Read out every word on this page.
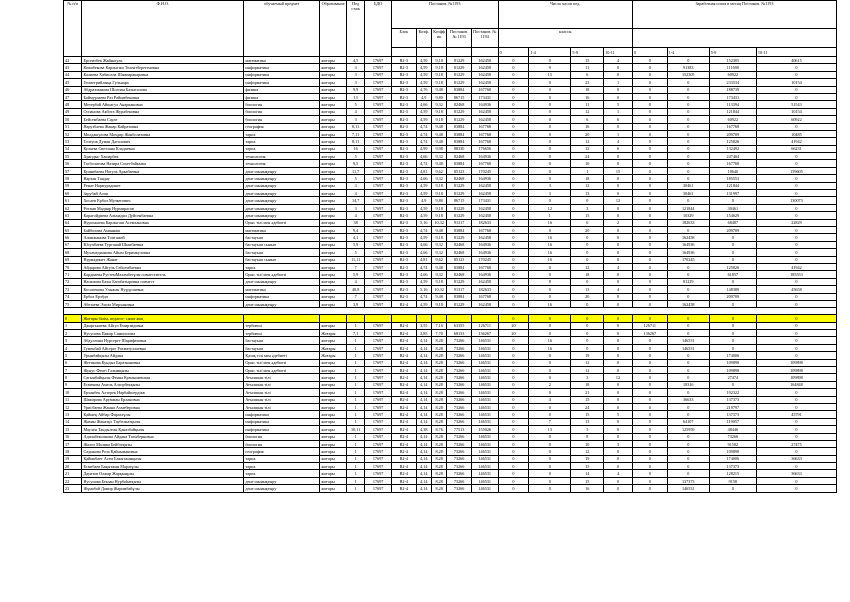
№ п/п	Ф.И.О.	обучаемый предмет	Образование	Пед стаж	БДО	Постанов. №1193					Число часов пед.				Заработная плата в месяц Постанов. №1193			
						Блок	Коэф.	Коэфф ип	Постанов. № 1193	Постанов. № 1194	классы							
											0	1-4	5-9	10-11	0	1-4	5-9	10-11
42	Ерсеитбек Жайнагуль	математика	жоғары	4,5	17697	В2-3	4,59	9,18	81229	162458	0	0	15	4	0	0	152305	40615
43	Кожабекова Карлыгаш Толентберегеновна	информатика	жоғары	3	17697	В2-3	4,59	9,18	81229	162458	0	9	11	0	0	91383	111690	0
44	Калиева Хабиолла Шамиаракаровна	информатика	жоғары	3	17697	В2-3	4,59	9,18	81229	162458	0	15	6	0	0	152305	60922	0
45	Геометрийлыңа Гульнара	информатика	жоғары	3	17697	В2-3	4,59	9,18	81229	162458	0	0	23	1	0	0	233534	10154
46	Абдрахманова Шолпан Балыталова	физика	жоғары	9,9	17697	В2-3	4,76	9,48	83884	167768	0	0	18	0	0	0	188739	0
47	Баймурзаева Раз Райимбековна	физика	жоғары	13	17697	В2-3	4,9	9,80	86715	173431	0	0	16	0	0	0	173431	0
48	Метербай Айшагул Анаркановна	биология	жоғары	5	17697	В2-3	4,66	9,32	82468	164936	0	0	11	5	0	0	113394	51543
49	Оспанова Акбота Журабековна	биология	жоғары	4	17697	В2-3	4,59	9,18	81229	162458	0	0	12	1	0	0	121844	10154
50	Бейсембаева Сауле	биология	жоғары	3	17697	В2-3	4,59	9,18	81229	162458	0	0	6	6	0	0	60922	60922
51	Нарузбаева Жанар Кайратовна	география	жоғары	8,11	17697	В2-3	4,74	9,48	83884	167768	0	0	16	0	0	0	167768	0
52	Молдашулова Мохдир Жанболатовна	тарих	жоғары	7,11	17697	В2-3	4,74	9,48	83884	167768	0	0	20	1	0	0	209709	10485
53	Толеуов Думан Даталович	тарих	жоғары	8,11	17697	В2-3	4,74	9,48	83884	167768	0	0	12	4	0	0	125826	41942
54	Кулаева Светлана Кладаевна	тарих	жоғары	16	17697	В2-3	4,99	9,98	88330	176656	0	0	12	6	0	0	132492	66231
55	Храпдыс Хашарбек	технология	жоғары	5	17697	В2-3	4,66	9,32	82468	164936	0	0	24	0	0	0	247404	0
56	Тасболатова Назира Сохетбайкызы	технология	жоғары	9,5	17697	В2-3	4,74	9,48	83884	167768	0	0	16	0	0	0	167768	0
57	Куанибаева Нагуль Аркабаевна	дене шынықтыру	жоғары	11,7	17697	В2-3	4,81	9,62	85123	170245	0	0	1	15	0	0	10640	159605
58	Нарзан Тандау	дене шынықтыру	жоғары	5	17697	В2-3	4,66	9,32	82468	164936	0	0	18	0	0	0	185553	0
59	Ремат Нармурадинет	дене шынықтыру	жоғары	3	17697	В2-3	4,59	9,18	81229	162458	0	3	12	0	0	30461	121844	0
60	Зарубай Асия	дене шынықтыру	жоғары	4	17697	В2-3	4,59	9,18	81229	162458	0	3	13	0	0	30461	131997	0
61	Хосаев Ербол Мулкегович	дене шынықтыру	жоғары	14,7	17697	В2-3	4,9	9,80	86715	173431	0	0	0	12	0	0	0	130073
62	Ротани Мадияр Нурмирасов	дене шынықтыру	жоғары	3	17697	В2-3	4,59	9,18	81229	162458	0	12	3	0	0	121844	30461	0
63	Карагойдиева Альмадил Дуйсенбаевна	дене шынықтыру	жоғары	4	17697	В2-3	4,59	9,18	81229	162458	0	1	15	0	0	10329	154629	0
64	Нургожаева Карлыгаш Асемхановна	Орыс тілі мен әдебиеті	жоғары	38	17697	В2-3	5,16	10,32	91317	182633	0	16	6	2	0	182633	68487	22829
65	Байболова Аманнаш	математика	жоғары	9,4	17697	В2-3	4,74	9,48	83884	167768	0	0	20	0	0	0	209709	0
66	Алимжанова Топтажей	бастауыш	жоғары	4,1	17697	В2-3	4,59	9,18	81229	162458	0	16	0	0	0	162458	0	0
67	Юсупбаева Турганай Шыибаевна	бастауыш сынып	жоғары	5,9	17697	В2-3	4,66	9,32	82468	164936	0	16	0	0	0	164936	0	0
68	Мухамедианова Айым Беримкуловна	бастауыш	жоғары	5	17697	В2-3	4,66	9,32	82468	164936	0	16	0	0	0	164936	0	0
69	Нурмадинет Жанат	бастауыш сынып	жоғары	11,11	17697	В2-3	4,81	9,62	85123	170245	0	16	0	0	0	170245	0	0
70	Айдарова Айгуль Сейсембаевна	тарих	жоғары	7	17697	В2-3	4,74	9,48	83884	167768	0	0	12	4	0	0	125826	41942
71	Кардиаева РустемМахамбетұлы совместитель	Орыс тілі мен әдебиеті	жоғары	5,9	17697	В2-3	4,66	9,32	82468	164936	0	0	18	0	0	0	61857	185553
72	Насимова Бахы Багибатыровна совмест	дене шынықтыру	жоғары	4	17697	В2-3	4,59	9,18	81229	162458	0	8	0	0	0	81229	0	0
73	Косопекова Улыжан Нурдулаевна	математика	жоғары	40,8	17697	В2-3	5,16	10,32	91317	182633	0	0	13	4	0	0	148389	45658
74	Ербол Ерзбдч	информатика	жоғары	7	17697	В2-3	4,74	9,48	83884	167768	0	0	20	0	0	0	209709	0
75	Абезаева Элиза Мирхановна	дене шынықтыру	жоғары	3,9	17697	В2-4	4,59	9,18	81229	162458	0	16	0	0	0	162458	0	0

0	Жоғары білім, педагог- сапат жоқ										0	0	0	0	0	0	0	0
1	Джаргышева Айгул Ёмирзидовна	тербиеші	жоғары	1	17697	В2-4	3,55	7,16	63355	126711	20	0	0	0	126711	0	0	0
2	Нусупова Пакир Самиголова	тербиеші	Жоғары	7,1	17697	В2-4	3,85	7,70	68133	136267	20	0	0	0	136267	0	0	0
3	Абдуллина Нурсерге Шарифатовна	бастауыш	жоғары	1	17697	В2-4	4,14	8,28	73266	146531	0	16	0	0	0	146531	0	0
4	Гуменбай Айсерге Рахматуллаевна	бастауыш	Жоғары	1	17697	В2-4	4,14	8,28	73266	146531	0	16	0	0	0	146531	0	0
5	Урынбайқызы Айдана	Қазақ тілі мен әдебиеті	Жоғары	1	17697	В2-4	4,14	8,28	73266	146531	0	0	19	0	0	0	174006	0
6	Жетикова Кундыз Бараткановна	Орыс тілі мен әдебиеті	жоғары	1	17697	В2-4	4,14	8,28	73266	146531	0	0	12	0	0	0	109898	109898
7	Жунус Фенгі Галымқызы	Орыс тілі мен әдебиеті	жоғары	1	17697	В2-4	4,14	8,28	73266	146531	0	0	12	0	0	0	109898	109898
8	Сагынбайқызы Фенна Куанышевская	Ағылшын тілі	жоғары	1	17697	В2-4	4,14	8,28	73266	146531	0	0	3	12	0	0	27474	109898
9	Есмекова Амель Алгорбекқызы	Ағылшын тілі	жоғары	1	17697	В2-4	4,14	8,28	73266	146531	0	2	18	0	0	18316	0	164848
10	Ерханбек Алтерек Нарбайшердікв	Ағылшын тілі	жоғары	1	17697	В2-4	4,14	8,28	73266	146531	0	0	21	0	0	0	192322	0
11	Шакирова Арумжан Ерлановна	Ағылшын тілі	жоғары	1	17697	В2-4	4,14	8,28	73266	146531	0	4	15	0	0	36633	137373	0
12	Урисбаева Жанна Ахмеберовна	Ағылшын тілі	жоғары	1	17697	В2-4	4,14	8,28	73266	146531	0	0	24	0	0	0	219797	0
13	Қайыеқ Айбар Фарахтұлы	информатика	жоғары	1	17697	В2-4	4,14	8,28	73266	146531	0	0	15	5	0	0	137373	45791
14	Жаман Жанатұл Таубелкатқызы	информатика	жоғары	1	17697	В2-4	4,14	8,28	73266	146531	0	7	13	0	0	64107	119057	0
15	Маулен Тандылган Қаназбайқызы	информатика	жоғары	10,11	17697	В2-4	4,38	8,76	77513	155026	0	13	5	0	0	125959	48446	0
16	Адилабексинова Айдана Тагыберновна	биология	жоғары	1	17697	В2-4	4,14	8,28	73266	146531	0	0	8	0	0	0	73266	0
17	Жалел Малика Бейбітқызы	биология	жоғары	1	17697	В2-4	4,14	8,28	73266	146531	0	0	10	3	0	0	91582	27475
18	Садыкова Роза Қайнымановна	география	жоғары	1	17697	В2-4	4,14	8,28	73266	146531	0	0	12	0	0	0	109898	0
19	Қайыкбает Асем Бакытжанқызы	тарих	жоғары	1	17697	В2-4	4,14	8,28	73266	146531	0	0	19	0	0	0	174006	36633
20	Есмебаев Бақытжан Маратұлы	тарих	жоғары	1	17697	В2-4	4,14	8,28	73266	146531	0	0	15	0	0	0	137373	0
21	Дауитов Олжар Жарқынұлы	тарих	жоғары	1	17697	В2-4	4,14	8,28	73266	146531	0	0	14	4	0	0	128215	36633
22	Нусупова Бекзан Нурбаһатқызы	дене шынықтыру	жоғары	1	17697	В2-4	4,14	8,28	73266	146531	0	0	15	0	0	137373	9158	0
23	Жұмабай Дамир Жаримбайұлы	дене шынықтыру	жоғары	1	17697	В2-4	4,14	8,28	73266	146531	0	0	16	0	0	146531	0	0
